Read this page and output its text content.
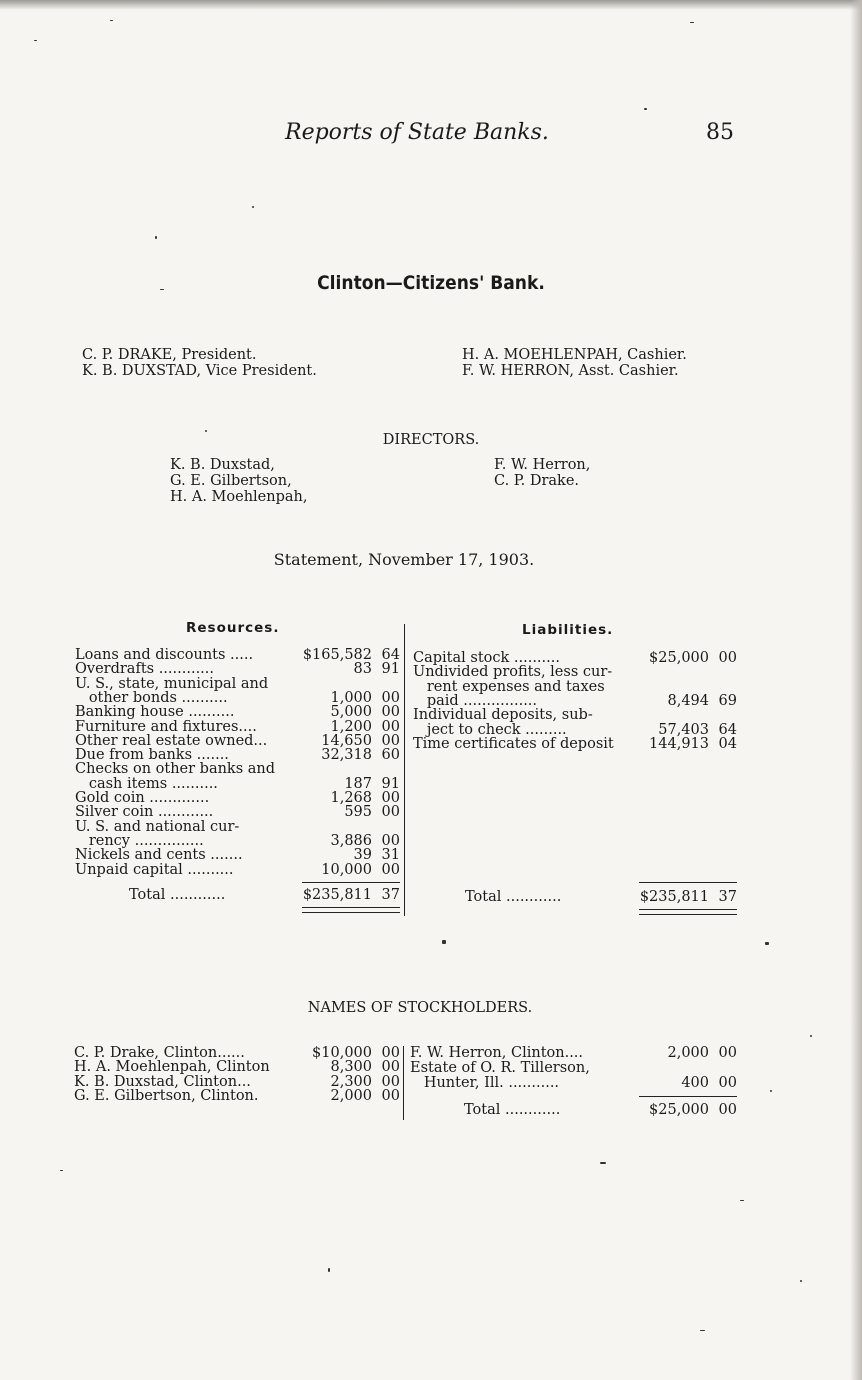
Reports of State Banks.	85
Clinton—Citizens' Bank.
C. P. DRAKE, President.
K. B. DUXSTAD, Vice President.
H. A. MOEHLENPAH, Cashier.
F. W. HERRON, Asst. Cashier.
DIRECTORS.
K. B. Duxstad,
G. E. Gilbertson,
H. A. Moehlenpah,
F. W. Herron,
C. P. Drake.
Statement, November 17, 1903.
Resources.	Liabilities.
Loans and discounts .....	$165,582 64
Overdrafts ............	83 91
U. S., state, municipal and
other bonds ..........	1,000 00
Banking house ..........	5,000 00
Furniture and fixtures....	1,200 00
Other real estate owned...	14,650 00
Due from banks .......	32,318 60
Checks on other banks and
cash items ..........	187 91
Gold coin .............	1,268 00
Silver coin ............	595 00
U. S. and national cur-
rency ...............	3,886 00
Nickels and cents .......	39 31
Unpaid capital ..........	10,000 00
Total ............	$235,811 37
Capital stock ..........	$25,000 00
Undivided profits, less cur-
rent expenses and taxes
paid ................	8,494 69
Individual deposits, sub-
ject to check .........	57,403 64
Time certificates of deposit 144,913 04
Total ............	$235,811 37
NAMES OF STOCKHOLDERS.
C. P. Drake, Clinton......	$10,000 00
H. A. Moehlenpah, Clinton	8,300 00
K. B. Duxstad, Clinton...	2,300 00
G. E. Gilbertson, Clinton.	2,000 00
F. W. Herron, Clinton....	2,000 00
Estate of O. R. Tillerson,
Hunter, Ill. ...........	400 00
Total ............	$25,000 00
